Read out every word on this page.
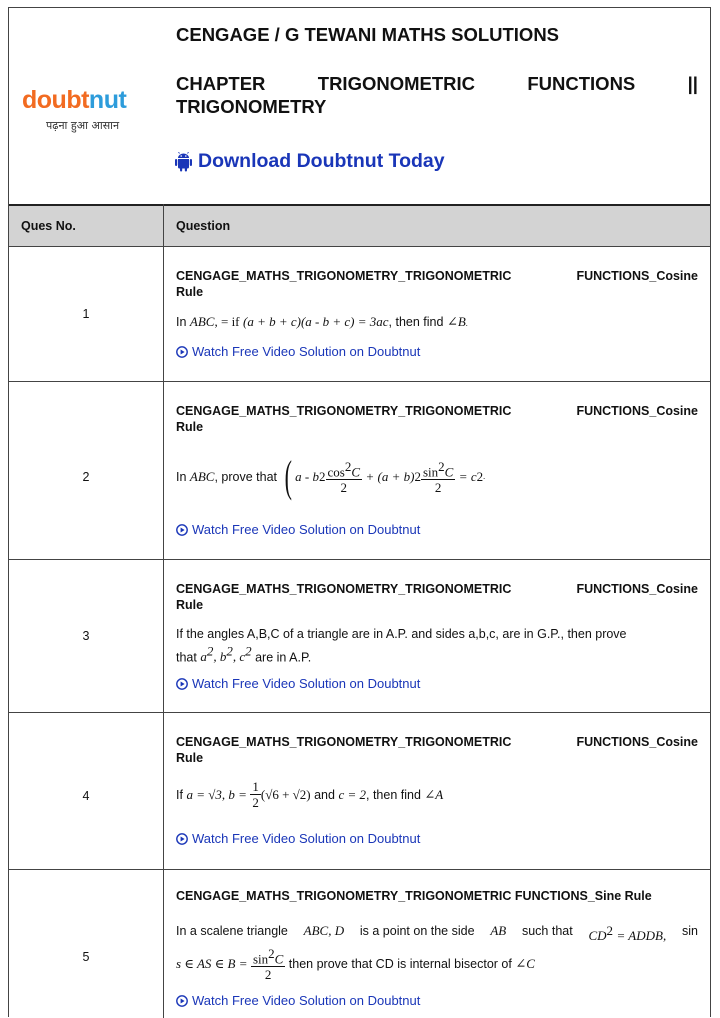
doubtnut
पढ़ना हुआ आसान
CENGAGE / G TEWANI MATHS SOLUTIONS
CHAPTER	TRIGONOMETRIC	FUNCTIONS	||
TRIGONOMETRY
Download Doubtnut Today
Ques No.	Question
1
CENGAGE_MATHS_TRIGONOMETRY_TRIGONOMETRIC	FUNCTIONS_Cosine
Rule
In ABC, = if (a + b + c)(a - b + c) = 3ac, then find ∠B.
Watch Free Video Solution on Doubtnut
2
CENGAGE_MATHS_TRIGONOMETRY_TRIGONOMETRIC	FUNCTIONS_Cosine
Rule
In
ABC , prove that
( a - b $2 \frac{\cos^2C}{2}$
+ (a + b) $2 \frac{\sin^2C}{2}$
= c 2 .
Watch Free Video Solution on Doubtnut
3
CENGAGE_MATHS_TRIGONOMETRY_TRIGONOMETRIC	FUNCTIONS_Cosine
Rule
If the angles A,B,C of a triangle are in A.P. and sides a,b,c, are in G.P., then prove
that $a^2$, $b^2$, $c^2$ are in A.P.
Watch Free Video Solution on Doubtnut
4
CENGAGE_MATHS_TRIGONOMETRY_TRIGONOMETRIC	FUNCTIONS_Cosine
Rule
If
a = √3, b =
$\frac{1}{2} (√6 + √2)$
and
c = 2 , then find
∠A
Watch Free Video Solution on Doubtnut
5
CENGAGE_MATHS_TRIGONOMETRY_TRIGONOMETRIC FUNCTIONS_Sine Rule
In a scalene triangle ABC, D is a point on the side AB such that $CD^2$ = ADDB, sin
s ∈ AS ∈ B =
$\frac{\sin^2C}{2}$
then prove that CD is internal bisector of
∠C
Watch Free Video Solution on Doubtnut
